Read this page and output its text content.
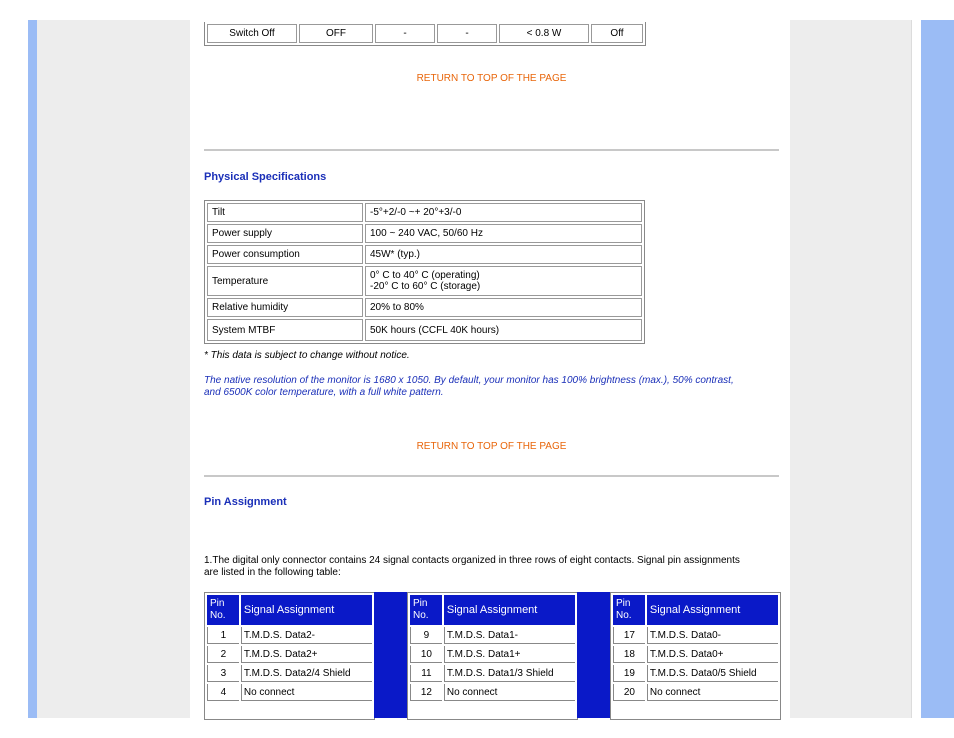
Switch Off	OFF	-	-	< 0.8 W	Off
RETURN TO TOP OF THE PAGE
Physical Specifications
Tilt	-5°+2/-0 ~+ 20°+3/-0
Power supply	100 ~ 240 VAC, 50/60 Hz
Power consumption	45W* (typ.)
Temperature	0° C to 40° C (operating)
-20° C to 60° C (storage)

Relative humidity	20% to 80%
System MTBF	50K hours (CCFL 40K hours)
* This data is subject to change without notice.
The native resolution of the monitor is 1680 x 1050. By default, your monitor has 100% brightness (max.), 50% contrast,
and 6500K color temperature, with a full white pattern.
RETURN TO TOP OF THE PAGE
Pin Assignment
1.The digital only connector contains 24 signal contacts organized in three rows of eight contacts. Signal pin assignments
are listed in the following table:
Pin No.	Signal Assignment
1	T.M.D.S. Data2-
2	T.M.D.S. Data2+
3	T.M.D.S. Data2/4 Shield
4	No connect
Pin No.	Signal Assignment
9	T.M.D.S. Data1-
10	T.M.D.S. Data1+
11	T.M.D.S. Data1/3 Shield
12	No connect
Pin No.	Signal Assignment
17	T.M.D.S. Data0-
18	T.M.D.S. Data0+
19	T.M.D.S. Data0/5 Shield
20	No connect
